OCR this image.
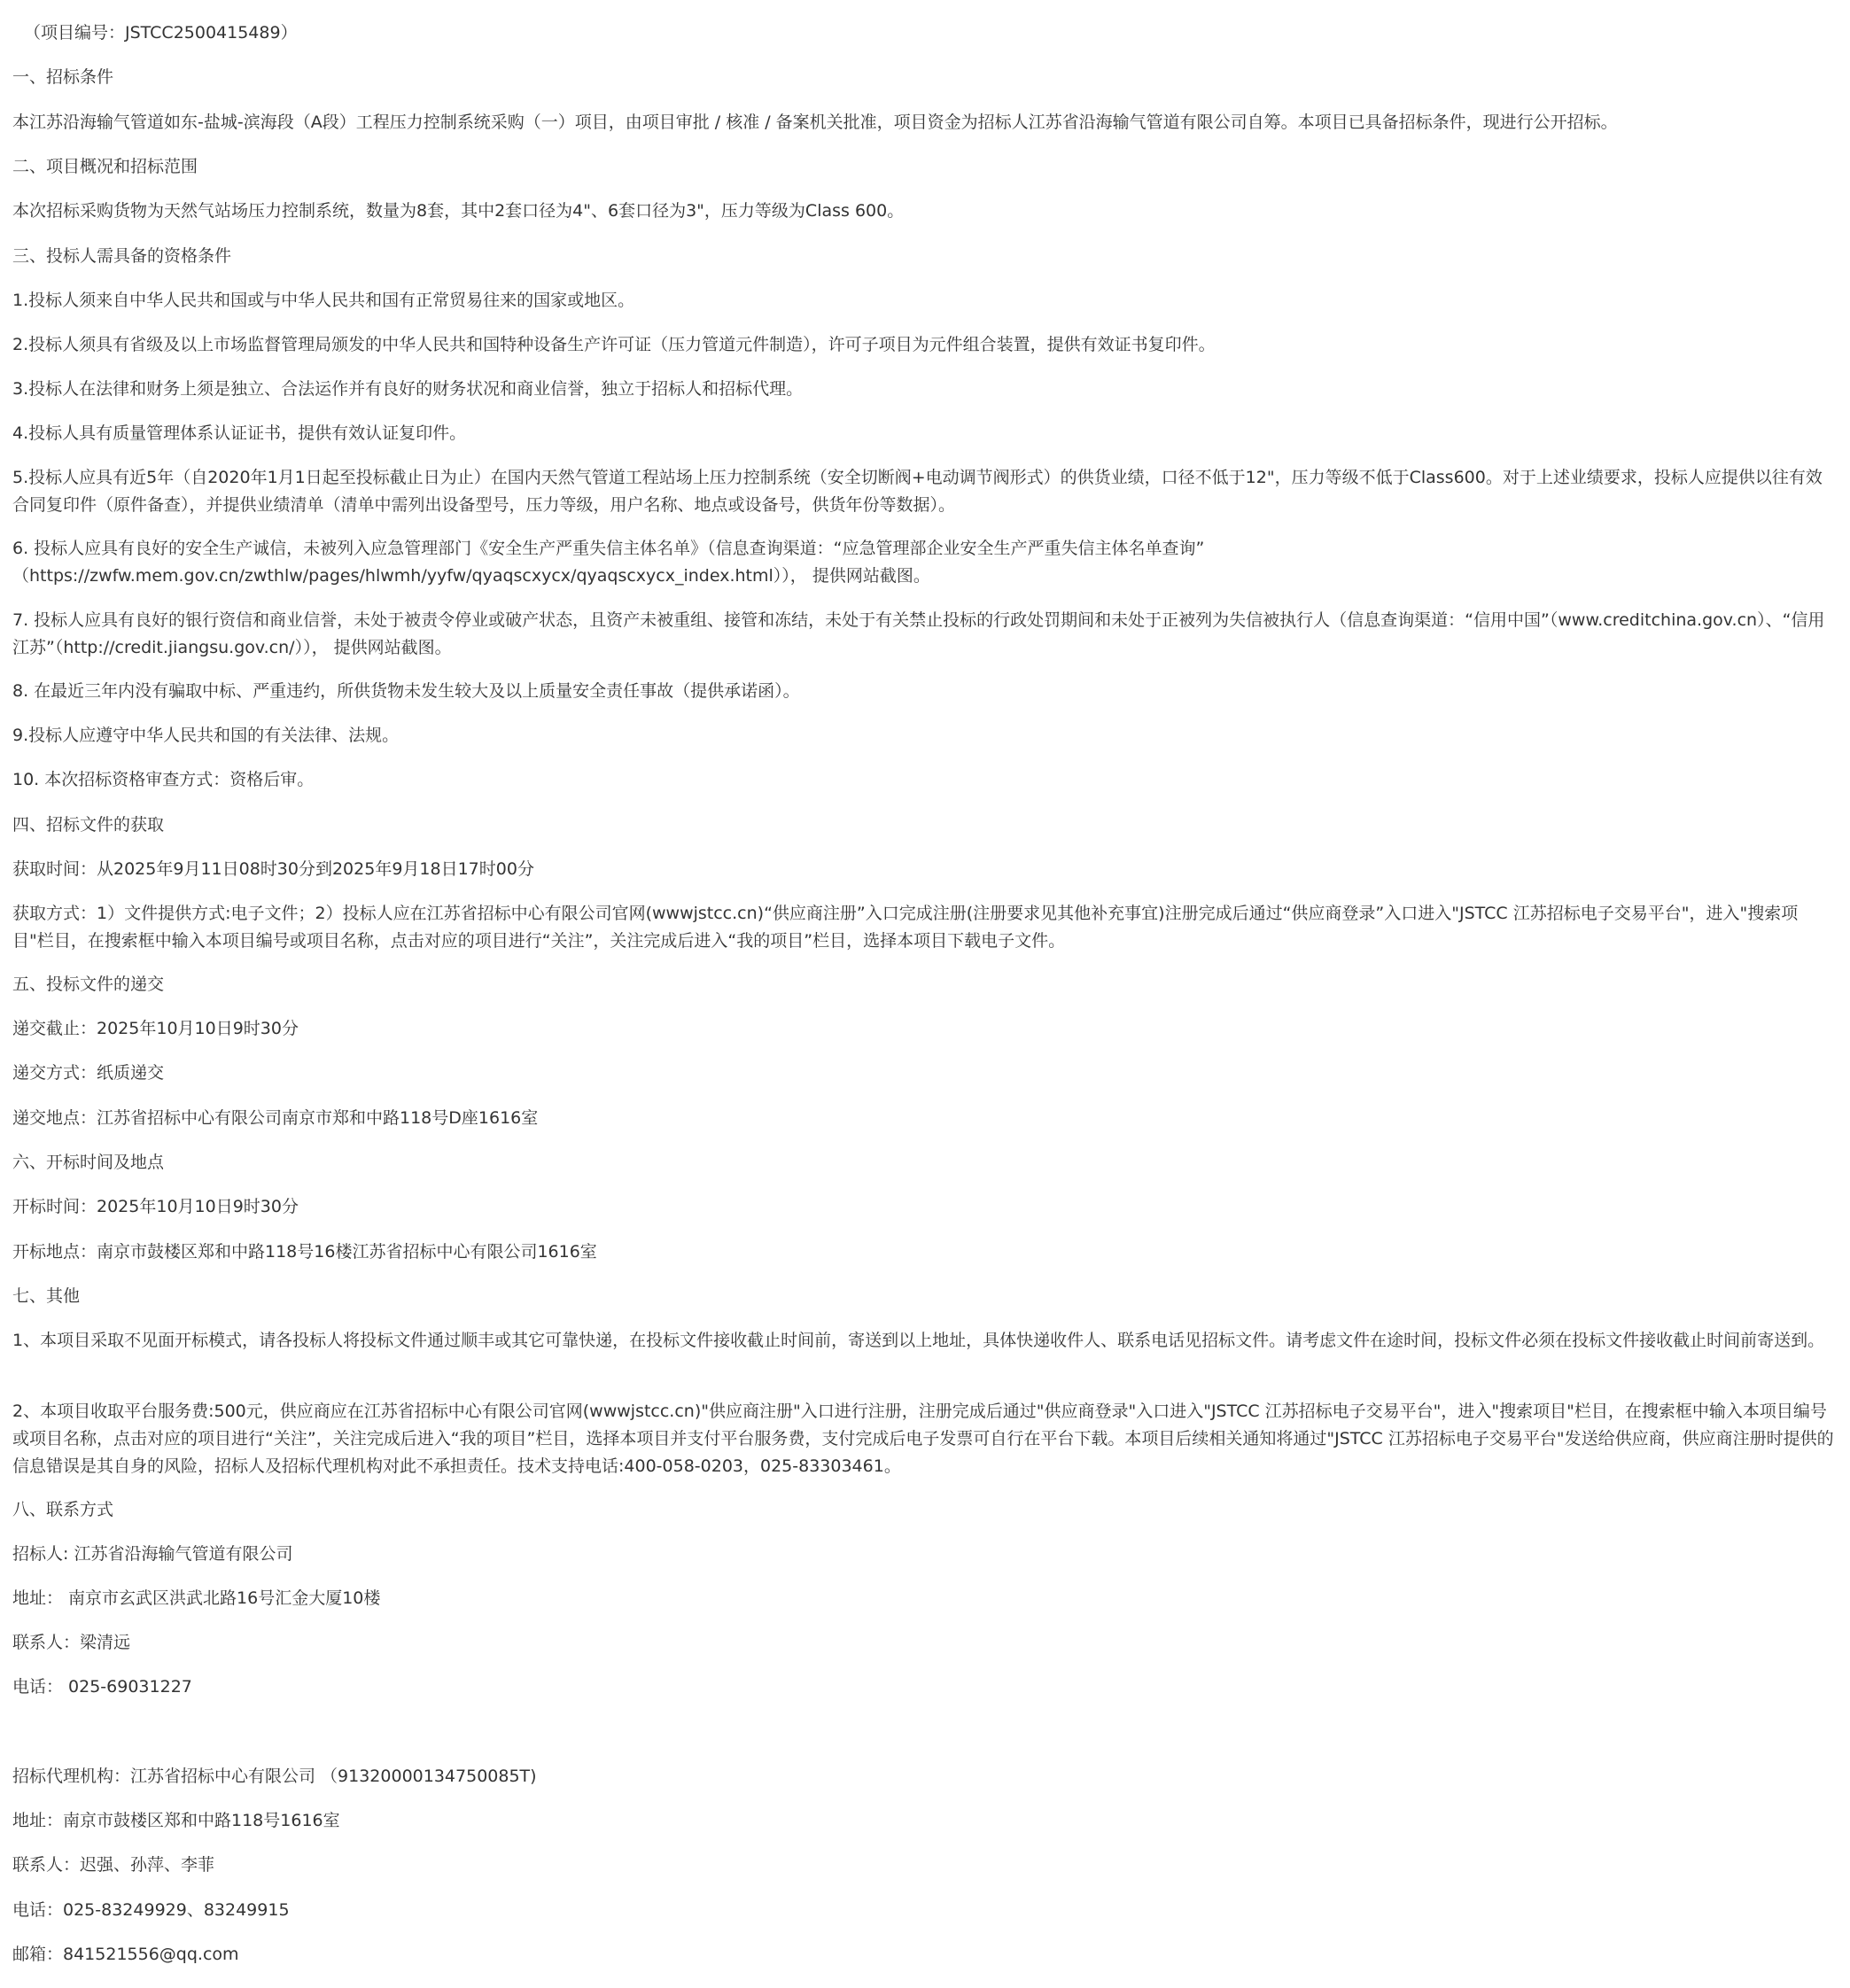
（项目编号：JSTCC2500415489）
一、招标条件
本江苏沿海输气管道如东-盐城-滨海段（A段）工程压力控制系统采购（一）项目，由项目审批 / 核准 / 备案机关批准，项目资金为招标人江苏省沿海输气管道有限公司自筹。本项目已具备招标条件，现进行公开招标。
二、项目概况和招标范围
本次招标采购货物为天然气站场压力控制系统，数量为8套，其中2套口径为4"、6套口径为3"，压力等级为Class 600。
三、投标人需具备的资格条件
1.投标人须来自中华人民共和国或与中华人民共和国有正常贸易往来的国家或地区。
2.投标人须具有省级及以上市场监督管理局颁发的中华人民共和国特种设备生产许可证（压力管道元件制造），许可子项目为元件组合装置，提供有效证书复印件。
3.投标人在法律和财务上须是独立、合法运作并有良好的财务状况和商业信誉，独立于招标人和招标代理。
4.投标人具有质量管理体系认证证书，提供有效认证复印件。
5.投标人应具有近5年（自2020年1月1日起至投标截止日为止）在国内天然气管道工程站场上压力控制系统（安全切断阀+电动调节阀形式）的供货业绩，口径不低于12"，压力等级不低于Class600。对于上述业绩要求，投标人应提供以往有效合同复印件（原件备查），并提供业绩清单（清单中需列出设备型号，压力等级，用户名称、地点或设备号，供货年份等数据）。
6. 投标人应具有良好的安全生产诚信，未被列入应急管理部门《安全生产严重失信主体名单》（信息查询渠道：“应急管理部企业安全生产严重失信主体名单查询”
（https://zwfw.mem.gov.cn/zwthlw/pages/hlwmh/yyfw/qyaqscxycx/qyaqscxycx_index.html））， 提供网站截图。
7. 投标人应具有良好的银行资信和商业信誉，未处于被责令停业或破产状态，且资产未被重组、接管和冻结，未处于有关禁止投标的行政处罚期间和未处于正被列为失信被执行人（信息查询渠道：“信用中国”（www.creditchina.gov.cn）、“信用江苏”（http://credit.jiangsu.gov.cn/））， 提供网站截图。
8. 在最近三年内没有骗取中标、严重违约，所供货物未发生较大及以上质量安全责任事故（提供承诺函）。
9.投标人应遵守中华人民共和国的有关法律、法规。
10. 本次招标资格审查方式：资格后审。
四、招标文件的获取
获取时间：从2025年9月11日08时30分到2025年9月18日17时00分
获取方式：1）文件提供方式:电子文件；2）投标人应在江苏省招标中心有限公司官网(wwwjstcc.cn)“供应商注册”入口完成注册(注册要求见其他补充事宜)注册完成后通过“供应商登录”入口进入"JSTCC 江苏招标电子交易平台"，进入"搜索项目"栏目，在搜索框中输入本项目编号或项目名称，点击对应的项目进行“关注”，关注完成后进入“我的项目”栏目，选择本项目下载电子文件。
五、投标文件的递交
递交截止：2025年10月10日9时30分
递交方式：纸质递交
递交地点：江苏省招标中心有限公司南京市郑和中路118号D座1616室
六、开标时间及地点
开标时间：2025年10月10日9时30分
开标地点：南京市鼓楼区郑和中路118号16楼江苏省招标中心有限公司1616室
七、其他
1、本项目采取不见面开标模式，请各投标人将投标文件通过顺丰或其它可靠快递，在投标文件接收截止时间前，寄送到以上地址，具体快递收件人、联系电话见招标文件。请考虑文件在途时间，投标文件必须在投标文件接收截止时间前寄送到。
2、本项目收取平台服务费:500元，供应商应在江苏省招标中心有限公司官网(wwwjstcc.cn)"供应商注册"入口进行注册，注册完成后通过"供应商登录"入口进入"JSTCC 江苏招标电子交易平台"，进入"搜索项目"栏目，在搜索框中输入本项目编号或项目名称，点击对应的项目进行“关注”，关注完成后进入“我的项目”栏目，选择本项目并支付平台服务费，支付完成后电子发票可自行在平台下载。本项目后续相关通知将通过"JSTCC 江苏招标电子交易平台"发送给供应商，供应商注册时提供的信息错误是其自身的风险，招标人及招标代理机构对此不承担责任。技术支持电话:400-058-0203，025-83303461。
八、联系方式
招标人: 江苏省沿海输气管道有限公司
地址： 南京市玄武区洪武北路16号汇金大厦10楼
联系人：梁清远
电话： 025-69031227
招标代理机构：江苏省招标中心有限公司 （91320000134750085T)
地址：南京市鼓楼区郑和中路118号1616室
联系人：迟强、孙萍、李菲
电话：025-83249929、83249915
邮箱：841521556@qq.com
